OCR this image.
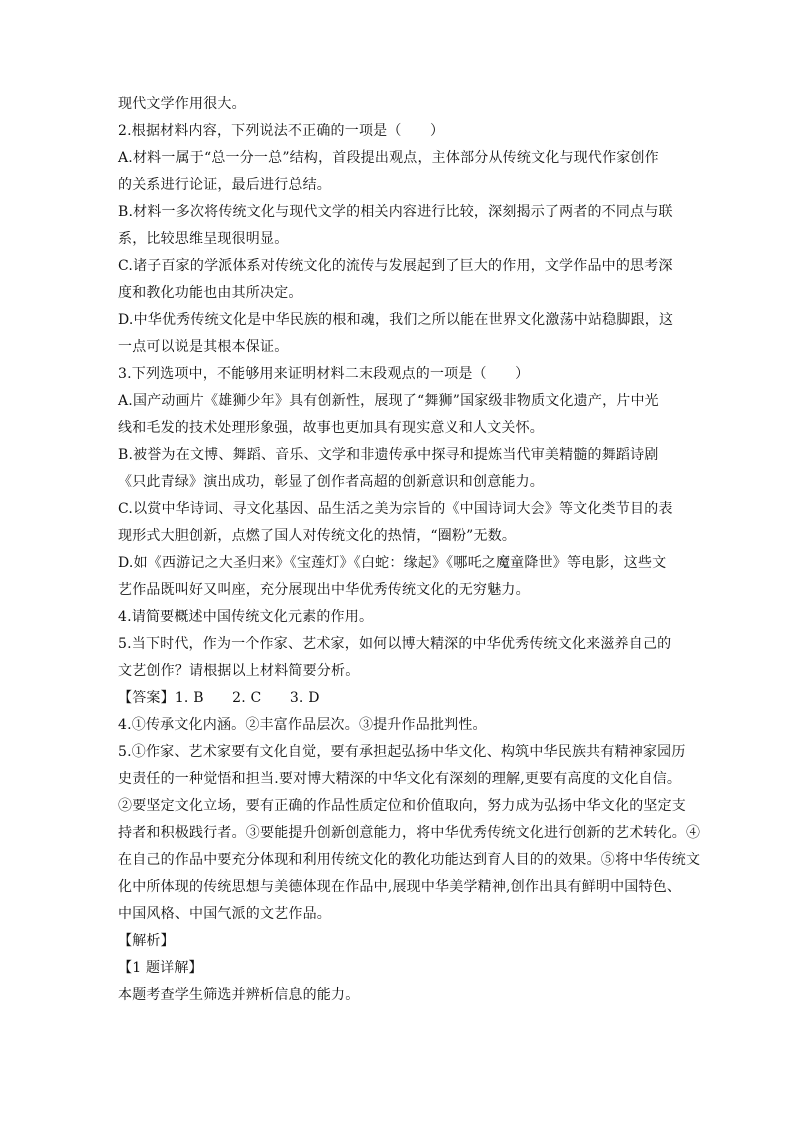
现代文学作用很大。
2.根据材料内容，下列说法不正确的一项是（　　）
A.材料一属于“总一分一总”结构，首段提出观点，主体部分从传统文化与现代作家创作
的关系进行论证，最后进行总结。
B.材料一多次将传统文化与现代文学的相关内容进行比较，深刻揭示了两者的不同点与联
系，比较思维呈现很明显。
C.诸子百家的学派体系对传统文化的流传与发展起到了巨大的作用，文学作品中的思考深
度和教化功能也由其所决定。
D.中华优秀传统文化是中华民族的根和魂，我们之所以能在世界文化激荡中站稳脚跟，这
一点可以说是其根本保证。
3.下列选项中，不能够用来证明材料二末段观点的一项是（　　）
A.国产动画片《雄狮少年》具有创新性，展现了“舞狮”国家级非物质文化遗产，片中光
线和毛发的技术处理形象强，故事也更加具有现实意义和人文关怀。
B.被誉为在文博、舞蹈、音乐、文学和非遗传承中探寻和提炼当代审美精髓的舞蹈诗剧
《只此青绿》演出成功，彰显了创作者高超的创新意识和创意能力。
C.以赏中华诗词、寻文化基因、品生活之美为宗旨的《中国诗词大会》等文化类节目的表
现形式大胆创新，点燃了国人对传统文化的热情，“圈粉”无数。
D.如《西游记之大圣归来》《宝莲灯》《白蛇：缘起》《哪吒之魔童降世》等电影，这些文
艺作品既叫好又叫座，充分展现出中华优秀传统文化的无穷魅力。
4.请简要概述中国传统文化元素的作用。
5.当下时代，作为一个作家、艺术家，如何以博大精深的中华优秀传统文化来滋养自己的
文艺创作？请根据以上材料简要分析。
【答案】1. B　　2. C　　3. D
4.①传承文化内涵。②丰富作品层次。③提升作品批判性。
5.①作家、艺术家要有文化自觉，要有承担起弘扬中华文化、构筑中华民族共有精神家园历
史责任的一种觉悟和担当.要对博大精深的中华文化有深刻的理解,更要有高度的文化自信。
②要坚定文化立场，要有正确的作品性质定位和价值取向，努力成为弘扬中华文化的坚定支
持者和积极践行者。③要能提升创新创意能力，将中华优秀传统文化进行创新的艺术转化。④
在自己的作品中要充分体现和利用传统文化的教化功能达到育人目的的效果。⑤将中华传统文
化中所体现的传统思想与美德体现在作品中,展现中华美学精神,创作出具有鲜明中国特色、
中国风格、中国气派的文艺作品。
【解析】
【1 题详解】
本题考查学生筛选并辨析信息的能力。
